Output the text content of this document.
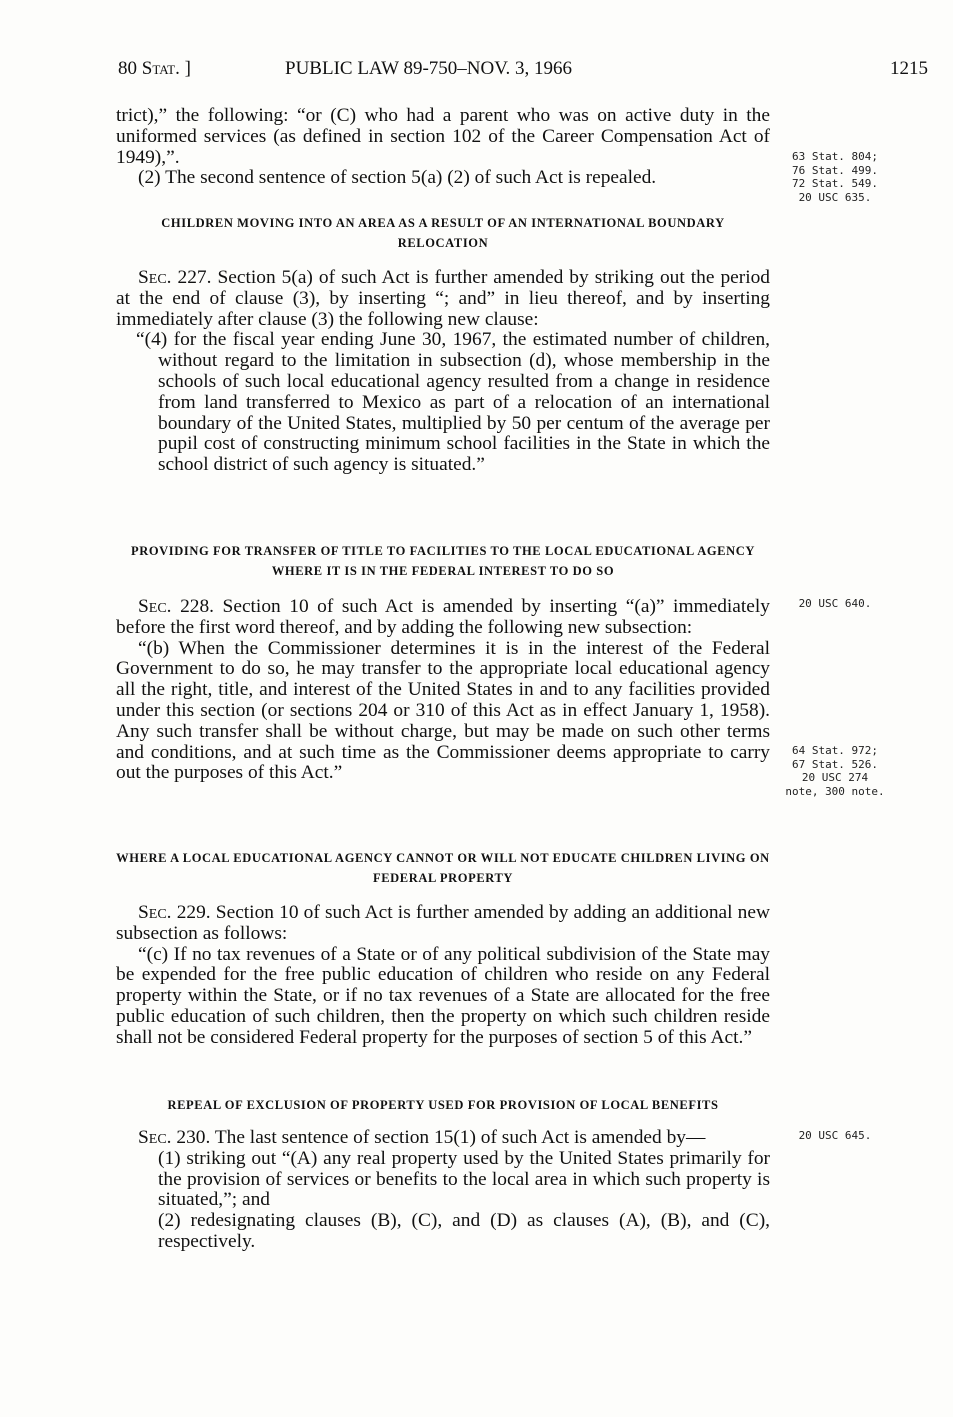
80 Stat. ]	PUBLIC LAW 89-750–NOV. 3, 1966	1215

trict),” the following: “or (C) who had a parent who was on active duty in the uniformed services (as defined in section 102 of the Career Compensation Act of 1949),”.

(2) The second sentence of section 5(a) (2) of such Act is repealed.

CHILDREN MOVING INTO AN AREA AS A RESULT OF AN INTERNATIONAL BOUNDARY RELOCATION

Sec. 227. Section 5(a) of such Act is further amended by striking out the period at the end of clause (3), by inserting “; and” in lieu thereof, and by inserting immediately after clause (3) the following new clause:

“(4) for the fiscal year ending June 30, 1967, the estimated number of children, without regard to the limitation in subsection (d), whose membership in the schools of such local educational agency resulted from a change in residence from land transferred to Mexico as part of a relocation of an international boundary of the United States, multiplied by 50 per centum of the average per pupil cost of constructing minimum school facilities in the State in which the school district of such agency is situated.”

PROVIDING FOR TRANSFER OF TITLE TO FACILITIES TO THE LOCAL EDUCATIONAL AGENCY WHERE IT IS IN THE FEDERAL INTEREST TO DO SO

Sec. 228. Section 10 of such Act is amended by inserting “(a)” immediately before the first word thereof, and by adding the following new subsection:

“(b) When the Commissioner determines it is in the interest of the Federal Government to do so, he may transfer to the appropriate local educational agency all the right, title, and interest of the United States in and to any facilities provided under this section (or sections 204 or 310 of this Act as in effect January 1, 1958). Any such transfer shall be without charge, but may be made on such other terms and conditions, and at such time as the Commissioner deems appropriate to carry out the purposes of this Act.”

WHERE A LOCAL EDUCATIONAL AGENCY CANNOT OR WILL NOT EDUCATE CHILDREN LIVING ON FEDERAL PROPERTY

Sec. 229. Section 10 of such Act is further amended by adding an additional new subsection as follows:

“(c) If no tax revenues of a State or of any political subdivision of the State may be expended for the free public education of children who reside on any Federal property within the State, or if no tax revenues of a State are allocated for the free public education of such children, then the property on which such children reside shall not be considered Federal property for the purposes of section 5 of this Act.”

REPEAL OF EXCLUSION OF PROPERTY USED FOR PROVISION OF LOCAL BENEFITS

Sec. 230. The last sentence of section 15(1) of such Act is amended by—

(1) striking out “(A) any real property used by the United States primarily for the provision of services or benefits to the local area in which such property is situated,”; and

(2) redesignating clauses (B), (C), and (D) as clauses (A), (B), and (C), respectively.

63 Stat. 804;
76 Stat. 499.
72 Stat. 549.
20 USC 635.
20 USC 640.
64 Stat. 972;
67 Stat. 526.
20 USC 274
note, 300 note.
20 USC 645.
